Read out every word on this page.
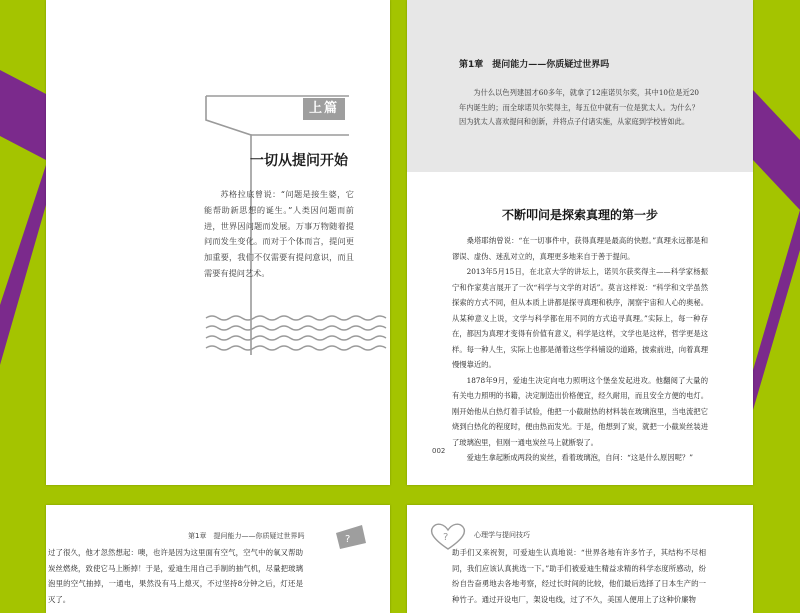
上篇
一切从提问开始
苏格拉底曾说：“问题是接生婆，它能帮助新思想的诞生。”人类因问题而前进，世界因问题而发展。万事万物随着提问而发生变化。而对于个体而言，提问更加重要，我们不仅需要有提问意识，而且需要有提问艺术。
第1章　提问能力——你质疑过世界吗
为什么以色列建国才60多年，就拿了12座诺贝尔奖，其中10位是近20年内诞生的；而全球诺贝尔奖得主，每五位中就有一位是犹太人。为什么？因为犹太人喜欢提问和创新，并将点子付诸实施，从家庭到学校皆如此。
不断叩问是探索真理的第一步

桑塔耶纳曾说：“在一切事件中，获得真理是最高的快慰。”真理永远都是和谬误、虚伪、迷乱对立的，真理更多地来自于善于提问。

2013年5月15日，在北京大学的讲坛上，诺贝尔获奖得主——科学家杨振宁和作家莫言展开了一次“科学与文学的对话”。莫言这样说：“科学和文学虽然探索的方式不同，但从本质上讲都是探寻真理和秩序，洞察宇宙和人心的奥秘。从某种意义上说，文学与科学都在用不同的方式追寻真理。”实际上，每一种存在，都因为真理才变得有价值有意义，科学是这样，文学也是这样，哲学更是这样。每一种人生，实际上也都是循着这些学科铺设的道路，披索前进，向着真理慢慢靠近的。

1878年9月，爱迪生决定向电力照明这个堡垒发起进攻。他翻阅了大量的有关电力照明的书籍，决定制造出价格便宜，经久耐用，而且安全方便的电灯。刚开始他从白热灯着手试验，他把一小截耐热的材料装在玻璃泡里，当电流把它烧到白热化的程度时，便由热而发光。于是，他想到了炭，就把一小截炭丝装进了玻璃泡里，但刚一通电炭丝马上就断裂了。

爱迪生拿起断成两段的炭丝，看着玻璃泡，自问：“这是什么原因呢？”

002
?
第1章　提问能力——你质疑过世界吗
过了很久，他才忽然想起：噢，也许是因为这里面有空气，空气中的氧又帮助炭丝燃烧，致使它马上断掉！于是，爱迪生用自己手制的抽气机，尽量把玻璃泡里的空气抽掉，一通电，果然没有马上熄灭，不过坚持8分钟之后，灯还是灭了。
?	心理学与提问技巧
助手们又来祝贺，可爱迪生认真地说：“世界各地有许多竹子，其结构不尽相同，我们应该认真挑选一下。”助手们被爱迪生精益求精的科学态度所感动，纷纷自告奋勇地去各地考察，经过长时间的比较，他们最后选择了日本生产的一种竹子。通过开设电厂，架设电线，过了不久，美国人便用上了这种价廉物
